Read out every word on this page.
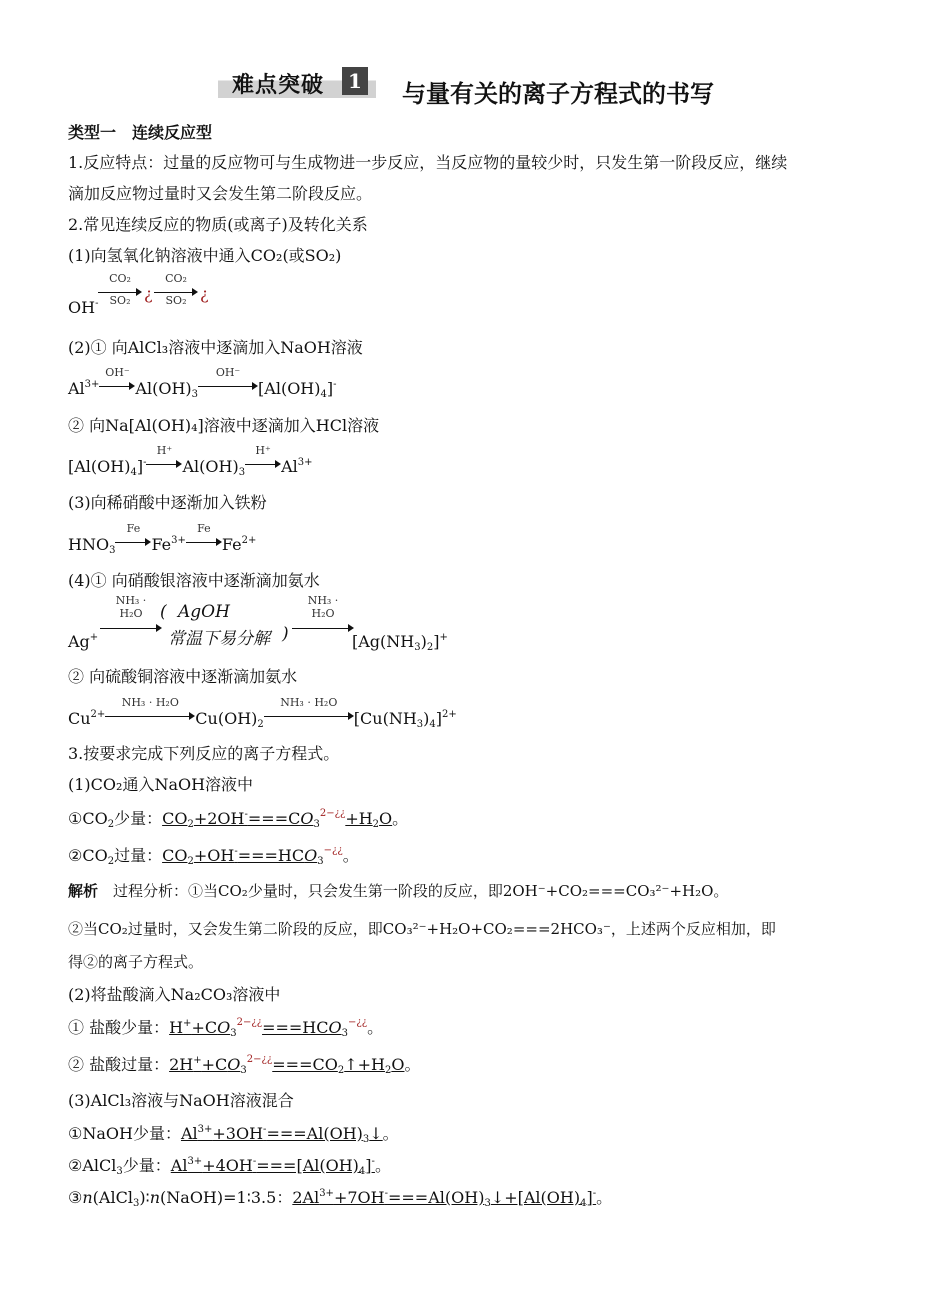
难点突破	1 与量有关的离子方程式的书写
类型一　连续反应型
1.反应特点：过量的反应物可与生成物进一步反应，当反应物的量较少时，只发生第一阶段反应，继续
滴加反应物过量时又会发生第二阶段反应。
2.常见连续反应的物质(或离子)及转化关系
(1)向氢氧化钠溶液中通入CO₂(或SO₂)
OH-
CO₂
SO₂ ¿
CO₂
SO₂ ¿
(2)① 向AlCl₃溶液中逐滴加入NaOH溶液
$Al^{3+}$
OH⁻
$Al(OH)_3$
OH⁻
$[Al(OH)_4]^-$
② 向Na[Al(OH)₄]溶液中逐滴加入HCl溶液
$[Al(OH)_4]^-$
H⁺
$Al(OH)_3$
H⁺
$Al^{3+}$
(3)向稀硝酸中逐渐加入铁粉
$HNO_3$
Fe
$Fe^{3+}$
Fe
$Fe^{2+}$
(4)① 向硝酸银溶液中逐渐滴加氨水
Ag+
NH₃ ·
H₂O	( AgOH
常温下易分解 )
NH₃ ·
H₂O
$[Ag(NH_3)_2]^+$
② 向硫酸铜溶液中逐渐滴加氨水
$Cu^{2+}$
NH₃ · H₂O
$Cu(OH)_2$
NH₃ · H₂O
$[Cu(NH_3)_4]^{2+}$
3.按要求完成下列反应的离子方程式。
(1)CO₂通入NaOH溶液中
$①CO_2$少量：$CO_2+2OH^-===CO_3^{2-¿¿}+H_2O$。
$②CO_2$过量：$CO_2+OH^-===HCO_3^{-¿¿}$。
解析　 过程分析：①当CO₂少量时，只会发生第一阶段的反应，即2OH⁻+CO₂===CO₃²⁻+H₂O。
②当CO₂过量时，又会发生第二阶段的反应，即CO₃²⁻+H₂O+CO₂===2HCO₃⁻，上述两个反应相加，即
得②的离子方程式。
(2)将盐酸滴入Na₂CO₃溶液中
① 盐酸少量：$H^++CO_3^{2-¿¿}===HCO_3^{-¿¿}$。
② 盐酸过量：$2H^++CO_3^{2-¿¿}===CO_2↑+H_2O$。
(3)AlCl₃溶液与NaOH溶液混合
①NaOH少量：$Al^{3+}+3OH^-===Al(OH)_3↓$。
②AlCl$_3$少量：$Al^{3+}+4OH^-===[Al(OH)_4]^-$。
③n(AlCl$_3$)∶n(NaOH)=1∶3.5：$2Al^{3+}+7OH^-===Al(OH)_3↓+[Al(OH)_4]^-$。
